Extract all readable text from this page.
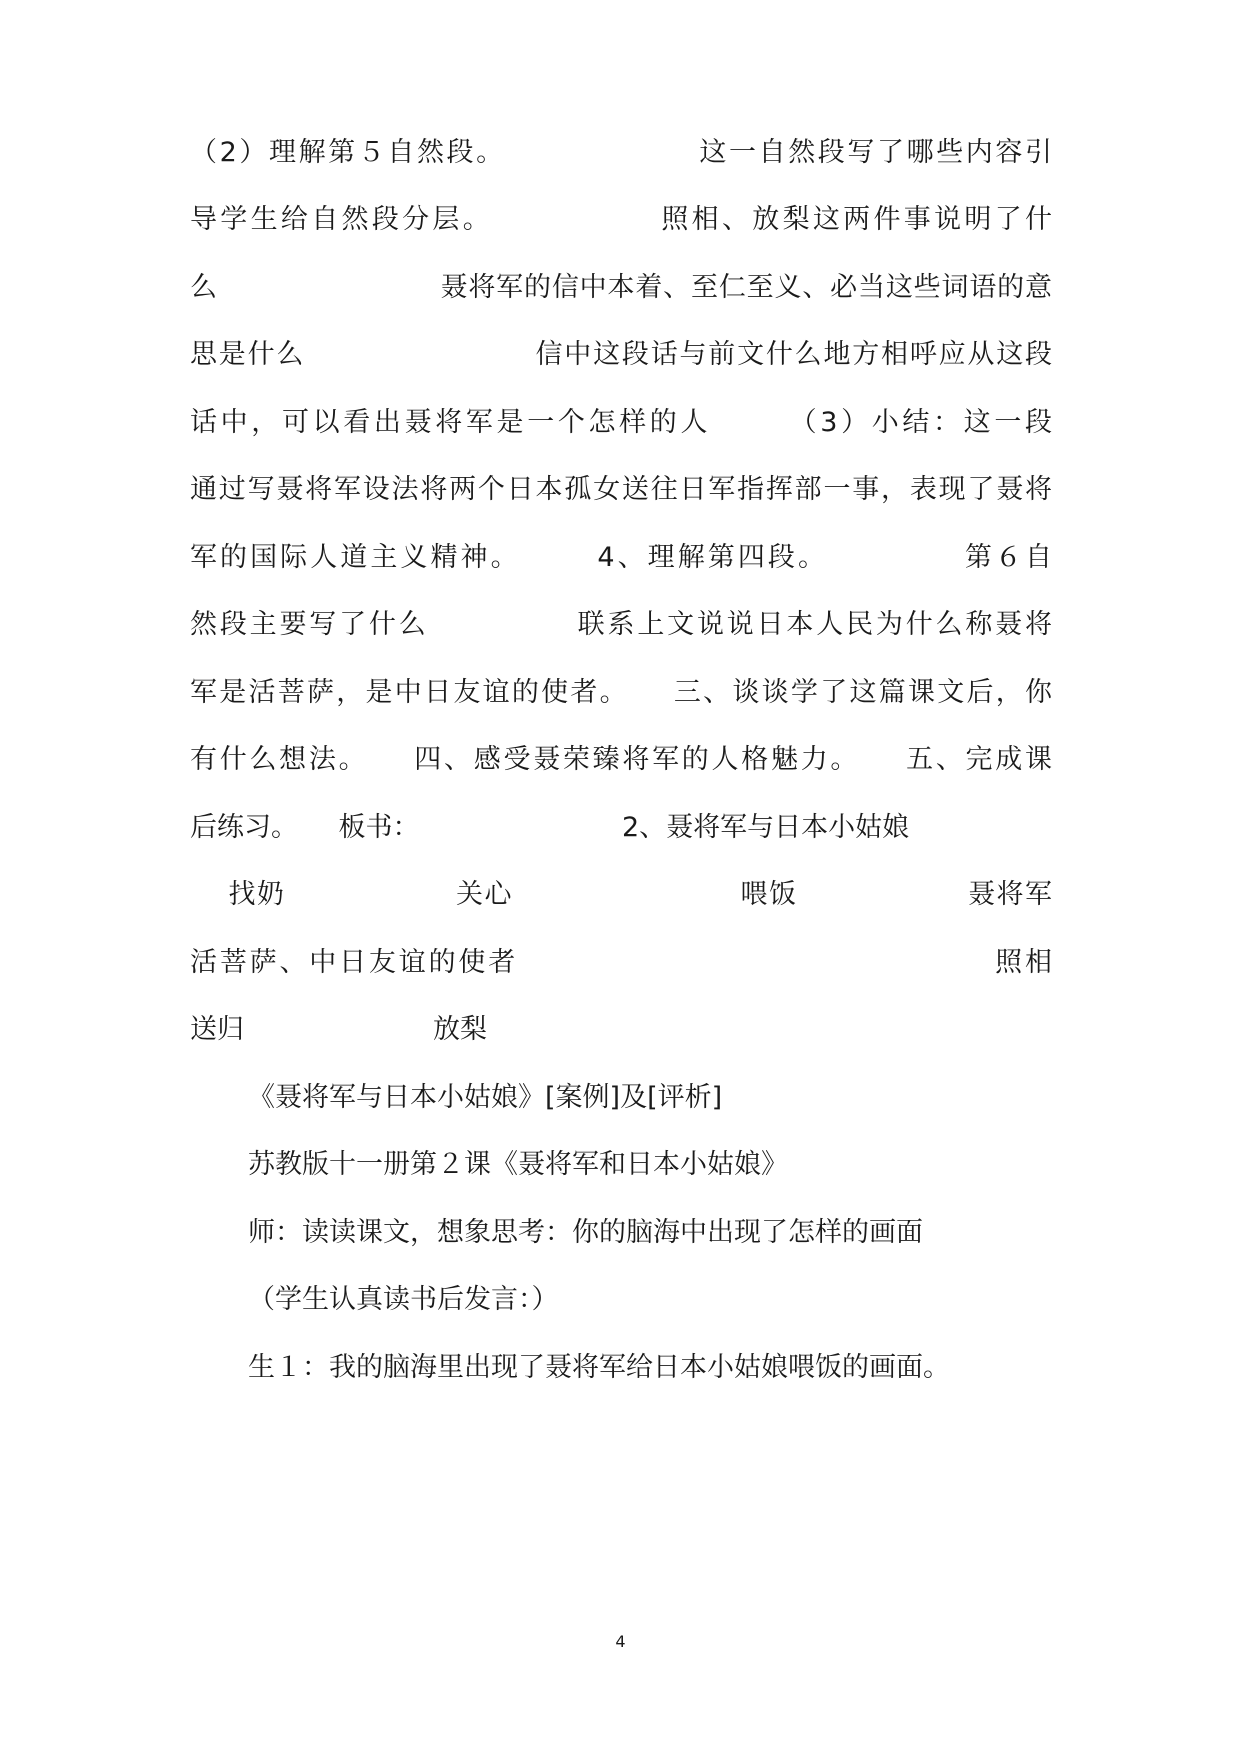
（2）理解第５自然段。　　　　　　　这一自然段写了哪些内容引
导学生给自然段分层。　　　　　　照相、放梨这两件事说明了什
么　　　　　　　　聂将军的信中本着、至仁至义、必当这些词语的意
思是什么　　　　　　　　信中这段话与前文什么地方相呼应从这段
话中，可以看出聂将军是一个怎样的人　　　（3）小结：这一段
通过写聂将军设法将两个日本孤女送往日军指挥部一事，表现了聂将
军的国际人道主义精神。　　　4、理解第四段。　　　　　第６自
然段主要写了什么　　　　　联系上文说说日本人民为什么称聂将
军是活菩萨，是中日友谊的使者。　　三、谈谈学了这篇课文后，你
有什么想法。　　四、感受聂荣臻将军的人格魅力。　　五、完成课
后练习。　　板书：　　　　　　　　2、聂将军与日本小姑娘
　 找奶　　　　　　关心　　　　　　　　喂饭　　　　　　聂将军
活菩萨、中日友谊的使者　　　　　　　　　　　　　　　　照相
送归　　　　　　　放梨
《聂将军与日本小姑娘》[案例]及[评析]
苏教版十一册第２课《聂将军和日本小姑娘》
师：读读课文，想象思考：你的脑海中出现了怎样的画面
（学生认真读书后发言：）
生１：我的脑海里出现了聂将军给日本小姑娘喂饭的画面。
4
